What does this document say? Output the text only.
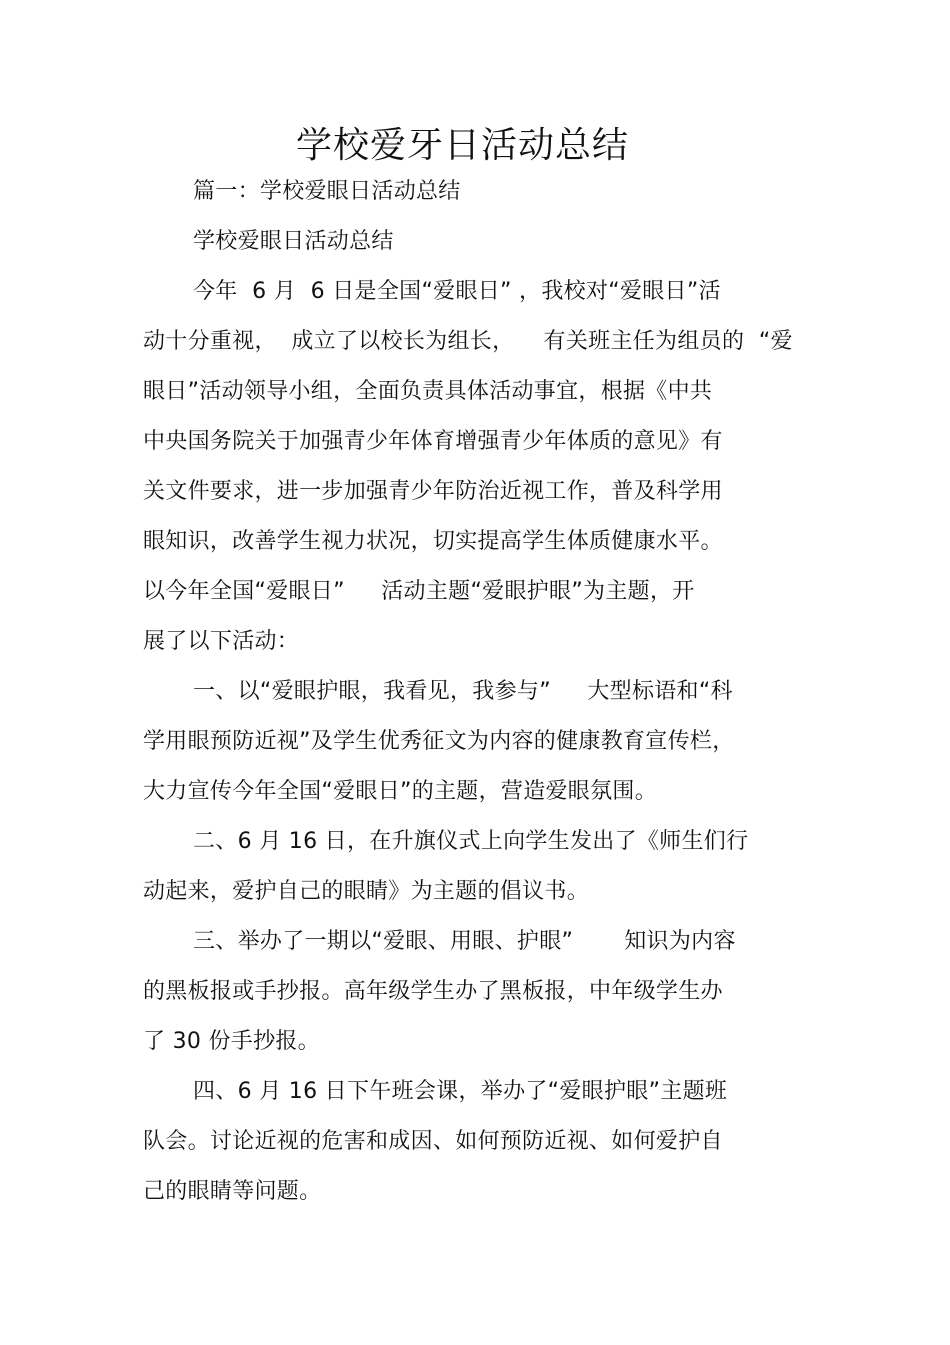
学校爱牙日活动总结
篇一：学校爱眼日活动总结
学校爱眼日活动总结
今年  6 月  6 日是全国“爱眼日” ，我校对“爱眼日”活
动十分重视，  成立了以校长为组长，    有关班主任为组员的  “爱
眼日”活动领导小组，全面负责具体活动事宜，根据《中共
中央国务院关于加强青少年体育增强青少年体质的意见》有
关文件要求，进一步加强青少年防治近视工作，普及科学用
眼知识，改善学生视力状况，切实提高学生体质健康水平。
以今年全国“爱眼日”     活动主题“爱眼护眼”为主题，开
展了以下活动：
一、以“爱眼护眼，我看见，我参与”     大型标语和“科
学用眼预防近视”及学生优秀征文为内容的健康教育宣传栏，
大力宣传今年全国“爱眼日”的主题，营造爱眼氛围。
二、6 月 16 日，在升旗仪式上向学生发出了《师生们行
动起来，爱护自己的眼睛》为主题的倡议书。
三、举办了一期以“爱眼、用眼、护眼”       知识为内容
的黑板报或手抄报。高年级学生办了黑板报，中年级学生办
了 30 份手抄报。
四、6 月 16 日下午班会课，举办了“爱眼护眼”主题班
队会。讨论近视的危害和成因、如何预防近视、如何爱护自
己的眼睛等问题。
